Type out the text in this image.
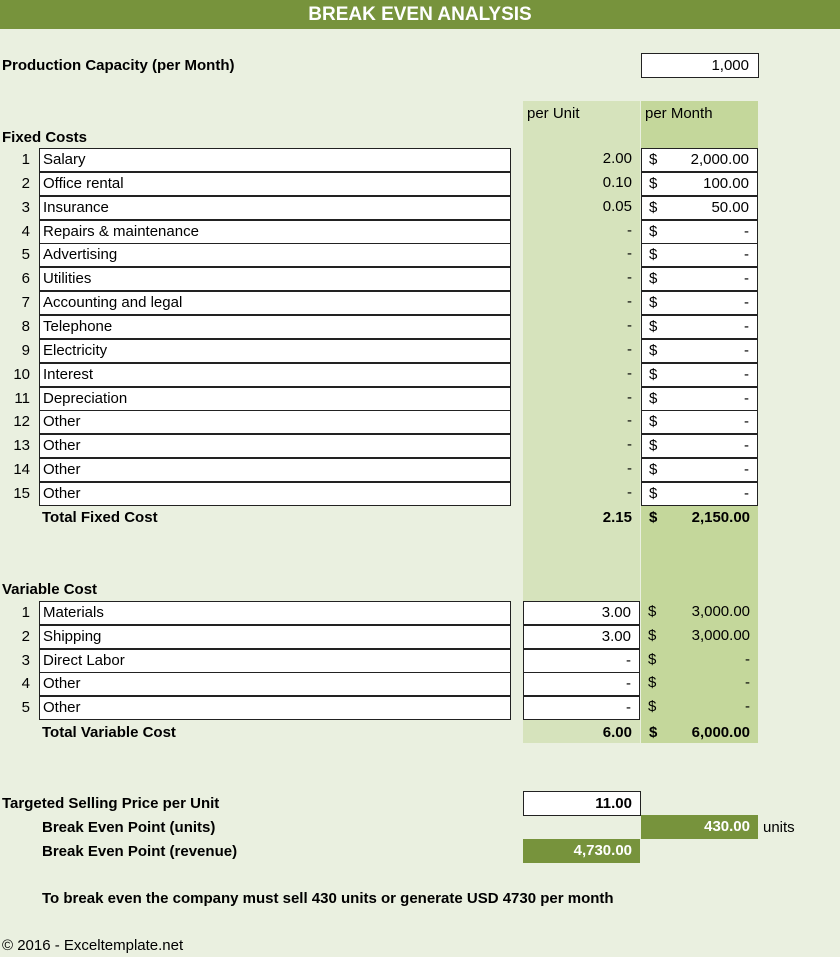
BREAK EVEN ANALYSIS
Production Capacity (per Month)	1,000
per Unit	per Month
Fixed Costs
1 Salary	2.00	$ 2,000.00
2 Office rental	0.10	$	100.00
3 Insurance	0.05	$	50.00
4 Repairs & maintenance	-	$	-
5 Advertising	-	$	-
6 Utilities	-	$	-
7 Accounting and legal	-	$	-
8 Telephone	-	$	-
9 Electricity	-	$	-
10 Interest	-	$	-
11 Depreciation	-	$	-
12 Other	-	$	-
13 Other	-	$	-
14 Other	-	$	-
15 Other	-	$	-
Total Fixed Cost	2.15 $	2,150.00
Variable Cost
1 Materials	3.00	$ 3,000.00
2 Shipping	3.00	$ 3,000.00
3 Direct Labor	-	$	-
4 Other	-	$	-
5 Other	-	$	-
Total Variable Cost	6.00 $	6,000.00
Targeted Selling Price per Unit	11.00
Break Even Point (units)	430.00 units
Break Even Point (revenue)	4,730.00
To break even the company must sell 430 units or generate USD 4730 per month
© 2016 - Exceltemplate.net
